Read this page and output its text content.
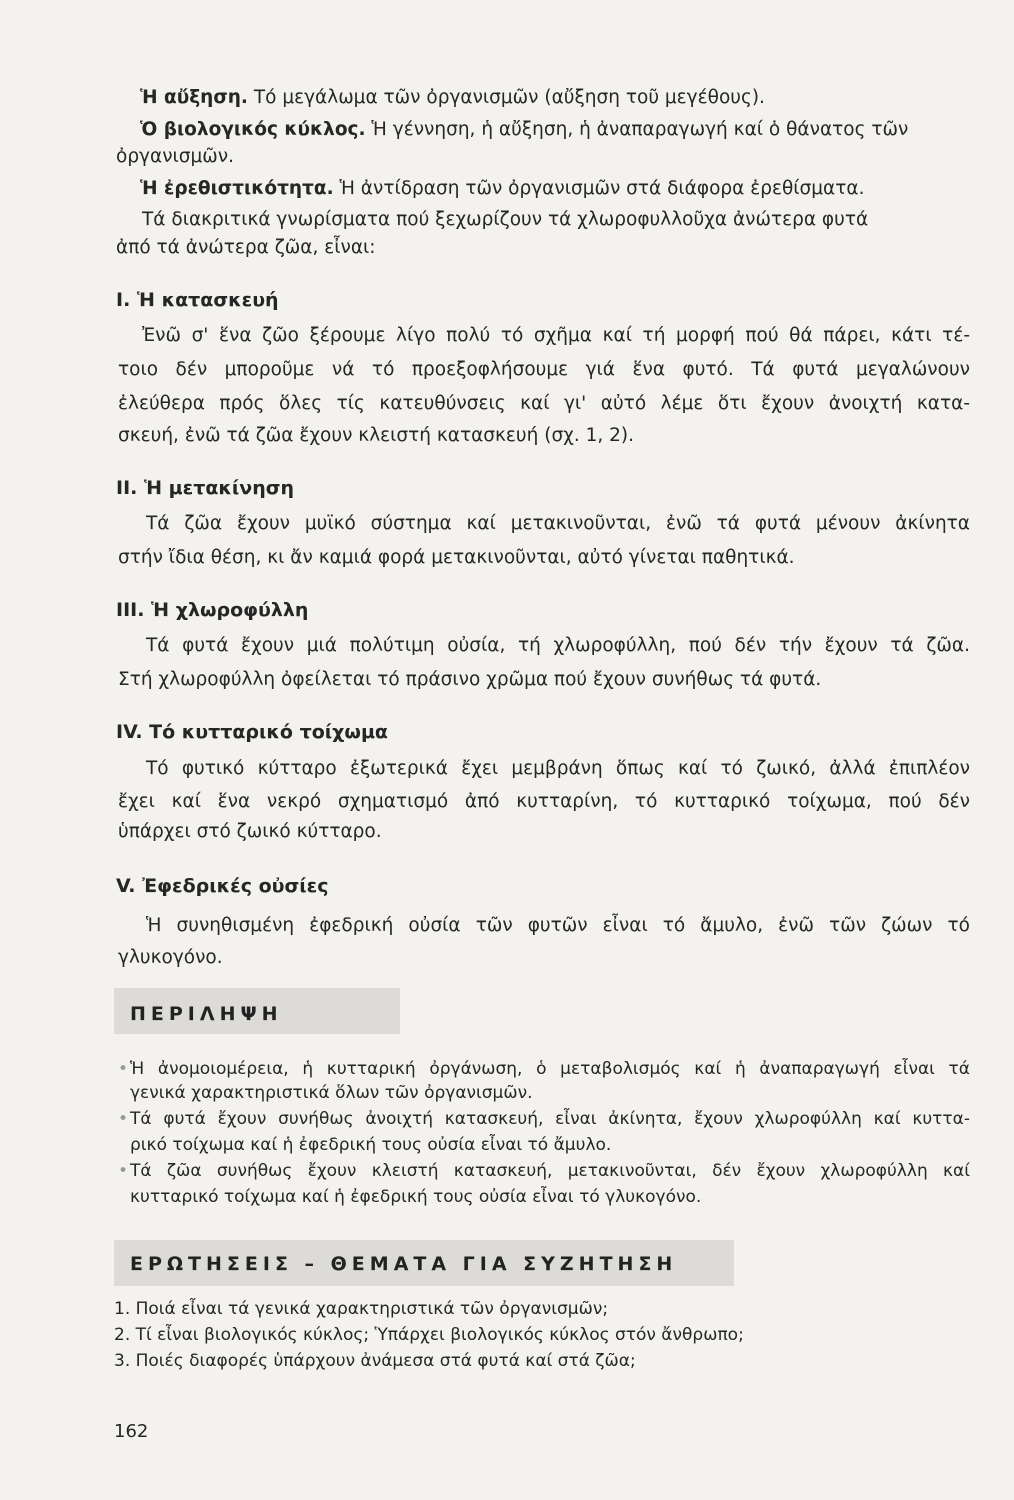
Ἡ αὔξηση. Τό μεγάλωμα τῶν ὀργανισμῶν (αὔξηση τοῦ μεγέθους).
Ὁ βιολογικός κύκλος. Ἡ γέννηση, ἡ αὔξηση, ἡ ἀναπαραγωγή καί ὁ θάνατος τῶν
ὀργανισμῶν.
Ἡ ἐρεθιστικότητα. Ἡ ἀντίδραση τῶν ὀργανισμῶν στά διάφορα ἐρεθίσματα.
Τά διακριτικά γνωρίσματα πού ξεχωρίζουν τά χλωροφυλλοῦχα ἀνώτερα φυτά
ἀπό τά ἀνώτερα ζῶα, εἶναι:
I. Ἡ κατασκευή
Ἐνῶ σ' ἕνα ζῶο ξέρουμε λίγο πολύ τό σχῆμα καί τή μορφή πού θά πάρει, κάτι τέ-
τοιο δέν μποροῦμε νά τό προεξοφλήσουμε γιά ἕνα φυτό. Τά φυτά μεγαλώνουν
ἐλεύθερα πρός ὅλες τίς κατευθύνσεις καί γι' αὐτό λέμε ὅτι ἔχουν ἀνοιχτή κατα-
σκευή, ἐνῶ τά ζῶα ἔχουν κλειστή κατασκευή (σχ. 1, 2).
II. Ἡ μετακίνηση
Τά ζῶα ἔχουν μυϊκό σύστημα καί μετακινοῦνται, ἐνῶ τά φυτά μένουν ἀκίνητα
στήν ἴδια θέση, κι ἄν καμιά φορά μετακινοῦνται, αὐτό γίνεται παθητικά.
III. Ἡ χλωροφύλλη
Τά φυτά ἔχουν μιά πολύτιμη οὐσία, τή χλωροφύλλη, πού δέν τήν ἔχουν τά ζῶα.
Στή χλωροφύλλη ὀφείλεται τό πράσινο χρῶμα πού ἔχουν συνήθως τά φυτά.
IV. Τό κυτταρικό τοίχωμα
Τό φυτικό κύτταρο ἐξωτερικά ἔχει μεμβράνη ὅπως καί τό ζωικό, ἀλλά ἐπιπλέον
ἔχει καί ἕνα νεκρό σχηματισμό ἀπό κυτταρίνη, τό κυτταρικό τοίχωμα, πού δέν
ὑπάρχει στό ζωικό κύτταρο.
V. Ἐφεδρικές οὐσίες
Ἡ συνηθισμένη ἐφεδρική οὐσία τῶν φυτῶν εἶναι τό ἄμυλο, ἐνῶ τῶν ζώων τό
γλυκογόνο.
ΠΕΡΙΛΗΨΗ
• Ἡ ἀνομοιομέρεια, ἡ κυτταρική ὀργάνωση, ὁ μεταβολισμός καί ἡ ἀναπαραγωγή εἶναι τά
γενικά χαρακτηριστικά ὅλων τῶν ὀργανισμῶν.
• Τά φυτά ἔχουν συνήθως ἀνοιχτή κατασκευή, εἶναι ἀκίνητα, ἔχουν χλωροφύλλη καί κυττα-
ρικό τοίχωμα καί ἡ ἐφεδρική τους οὐσία εἶναι τό ἄμυλο.
• Τά ζῶα συνήθως ἔχουν κλειστή κατασκευή, μετακινοῦνται, δέν ἔχουν χλωροφύλλη καί
κυτταρικό τοίχωμα καί ἡ ἐφεδρική τους οὐσία εἶναι τό γλυκογόνο.
ΕΡΩΤΗΣΕΙΣ – ΘΕΜΑΤΑ ΓΙΑ ΣΥΖΗΤΗΣΗ
1. Ποιά εἶναι τά γενικά χαρακτηριστικά τῶν ὀργανισμῶν;
2. Τί εἶναι βιολογικός κύκλος; Ὑπάρχει βιολογικός κύκλος στόν ἄνθρωπο;
3. Ποιές διαφορές ὑπάρχουν ἀνάμεσα στά φυτά καί στά ζῶα;
162
